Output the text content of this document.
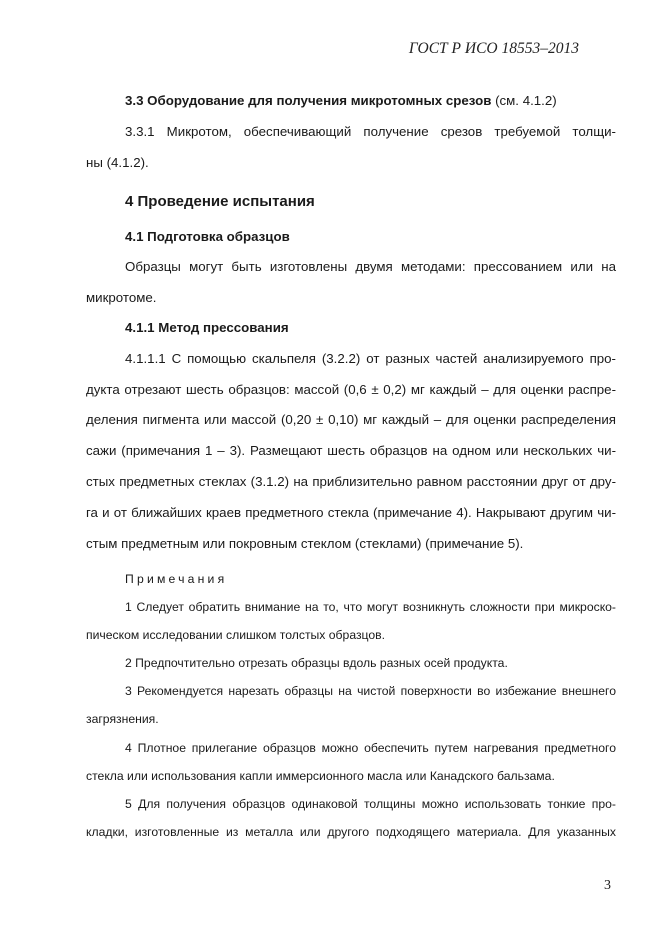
ГОСТ Р ИСО 18553–2013
3.3 Оборудование для получения микротомных срезов (см. 4.1.2)
3.3.1 Микротом, обеспечивающий получение срезов требуемой толщи-
ны (4.1.2).
4 Проведение испытания
4.1 Подготовка образцов
Образцы могут быть изготовлены двумя методами: прессованием или на
микротоме.
4.1.1 Метод прессования
4.1.1.1 С помощью скальпеля (3.2.2) от разных частей анализируемого про-
дукта отрезают шесть образцов: массой (0,6 ± 0,2) мг каждый – для оценки распре-
деления пигмента или массой (0,20 ± 0,10) мг каждый – для оценки распределения
сажи (примечания 1 – 3). Размещают шесть образцов на одном или нескольких чи-
стых предметных стеклах (3.1.2) на приблизительно равном расстоянии друг от дру-
га и от ближайших краев предметного стекла (примечание 4). Накрывают другим чи-
стым предметным или покровным стеклом (стеклами) (примечание 5).
Примечания
1 Следует обратить внимание на то, что могут возникнуть сложности при микроско-
пическом исследовании слишком толстых образцов.
2 Предпочтительно отрезать образцы вдоль разных осей продукта.
3 Рекомендуется нарезать образцы на чистой поверхности во избежание внешнего
загрязнения.
4 Плотное прилегание образцов можно обеспечить путем нагревания предметного
стекла или использования капли иммерсионного масла или Канадского бальзама.
5 Для получения образцов одинаковой толщины можно использовать тонкие про-
кладки, изготовленные из металла или другого подходящего материала. Для указанных
3
